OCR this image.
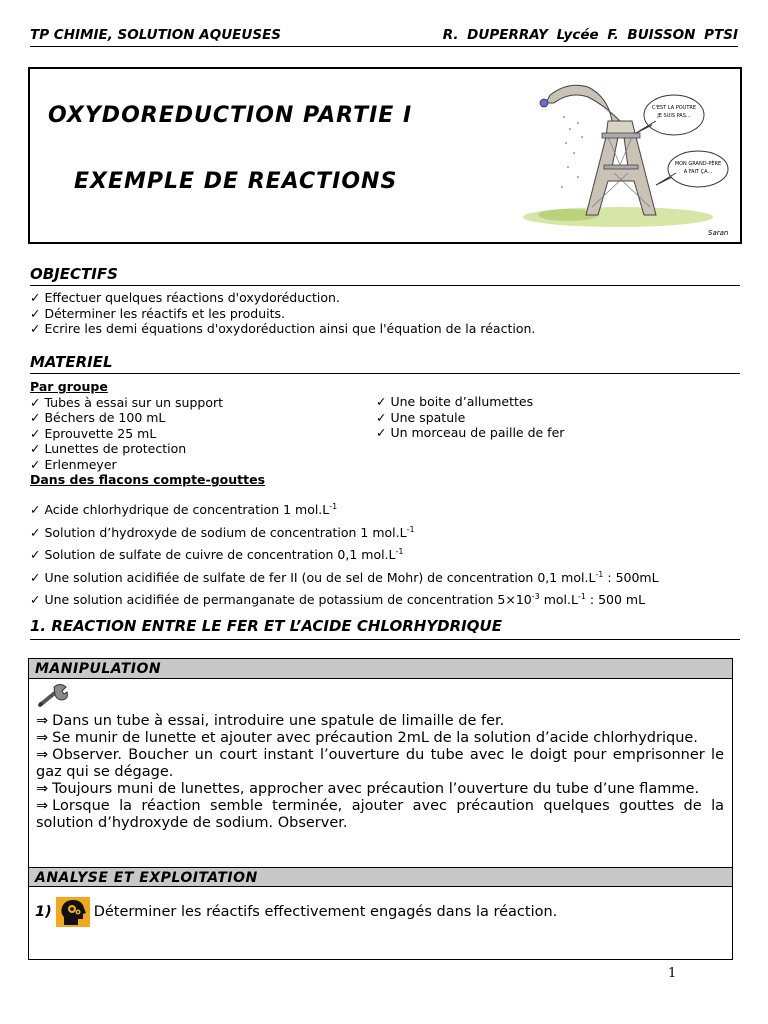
TP CHIMIE, SOLUTION AQUEUSES	R. DUPERRAY Lycée F. BUISSON PTSI
OXYDOREDUCTION PARTIE I
EXEMPLE DE REACTIONS
C'EST LA POUTRE
JE SUIS PAS...
MON GRAND-PÈRE
A FAIT ÇA...
Saran
OBJECTIFS
✓ Effectuer quelques réactions d'oxydoréduction.
✓ Déterminer les réactifs et les produits.
✓ Ecrire les demi équations d'oxydoréduction ainsi que l'équation de la réaction.
MATERIEL
Par groupe
✓ Tubes à essai sur un support
✓ Béchers de 100 mL
✓ Eprouvette 25 mL
✓ Lunettes de protection
✓ Erlenmeyer
Dans des flacons compte-gouttes
✓ Une boite d’allumettes
✓ Une spatule
✓ Un morceau de paille de fer
✓ Acide chlorhydrique de concentration 1 $mol.L^{-1}$
✓ Solution d’hydroxyde de sodium de concentration 1 $mol.L^{-1}$
✓ Solution de sulfate de cuivre de concentration 0,1 $mol.L^{-1}$
✓ Une solution acidifiée de sulfate de fer II (ou de sel de Mohr) de concentration 0,1 $mol.L^{-1}$ : 500mL
✓ Une solution acidifiée de permanganate de potassium de concentration $5\times 10^{-3}$ $mol.L^{-1}$ : 500 mL
1. REACTION ENTRE LE FER ET L’ACIDE CHLORHYDRIQUE
MANIPULATION
⇒ Dans un tube à essai, introduire une spatule de limaille de fer.
⇒ Se munir de lunette et ajouter avec précaution 2mL de la solution d’acide chlorhydrique.
⇒ Observer. Boucher un court instant l’ouverture du tube avec le doigt pour emprisonner le gaz qui se dégage.
⇒ Toujours muni de lunettes, approcher avec précaution l’ouverture du tube d’une flamme.
⇒ Lorsque la réaction semble terminée, ajouter avec précaution quelques gouttes de la solution d’hydroxyde de sodium. Observer.
ANALYSE ET EXPLOITATION
1)	Déterminer les réactifs effectivement engagés dans la réaction.
1
